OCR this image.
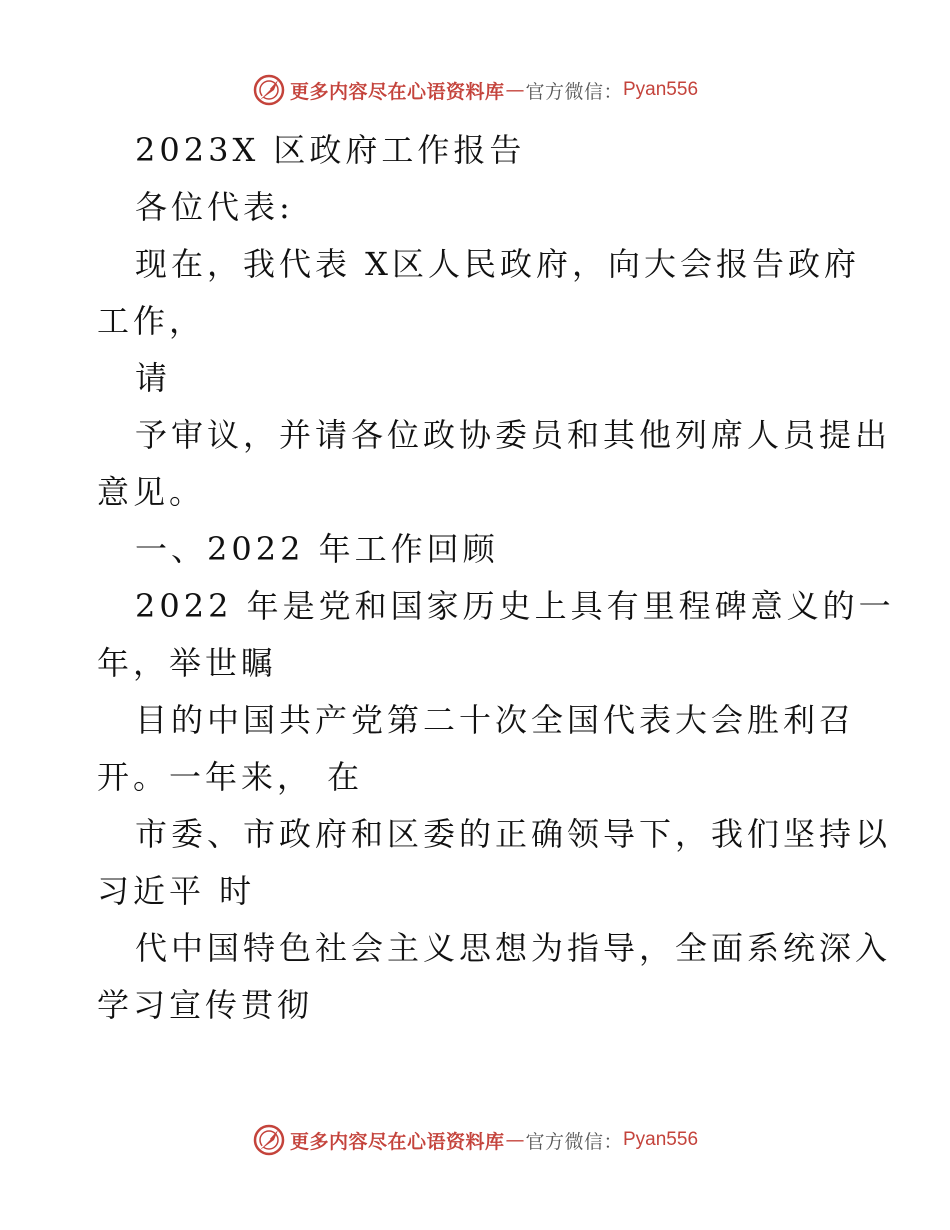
更多内容尽在心语资料库 — 官方微信： Pyan556
2023X 区政府工作报告
各位代表:
现在，我代表 X区人民政府，向大会报告政府
工作，
请
予审议，并请各位政协委员和其他列席人员提出
意见。
一、2022 年工作回顾
2022 年是党和国家历史上具有里程碑意义的一
年，举世瞩
目的中国共产党第二十次全国代表大会胜利召
开。一年来， 在
市委、市政府和区委的正确领导下，我们坚持以
习近平 时
代中国特色社会主义思想为指导，全面系统深入
学习宣传贯彻
更多内容尽在心语资料库 — 官方微信： Pyan556
